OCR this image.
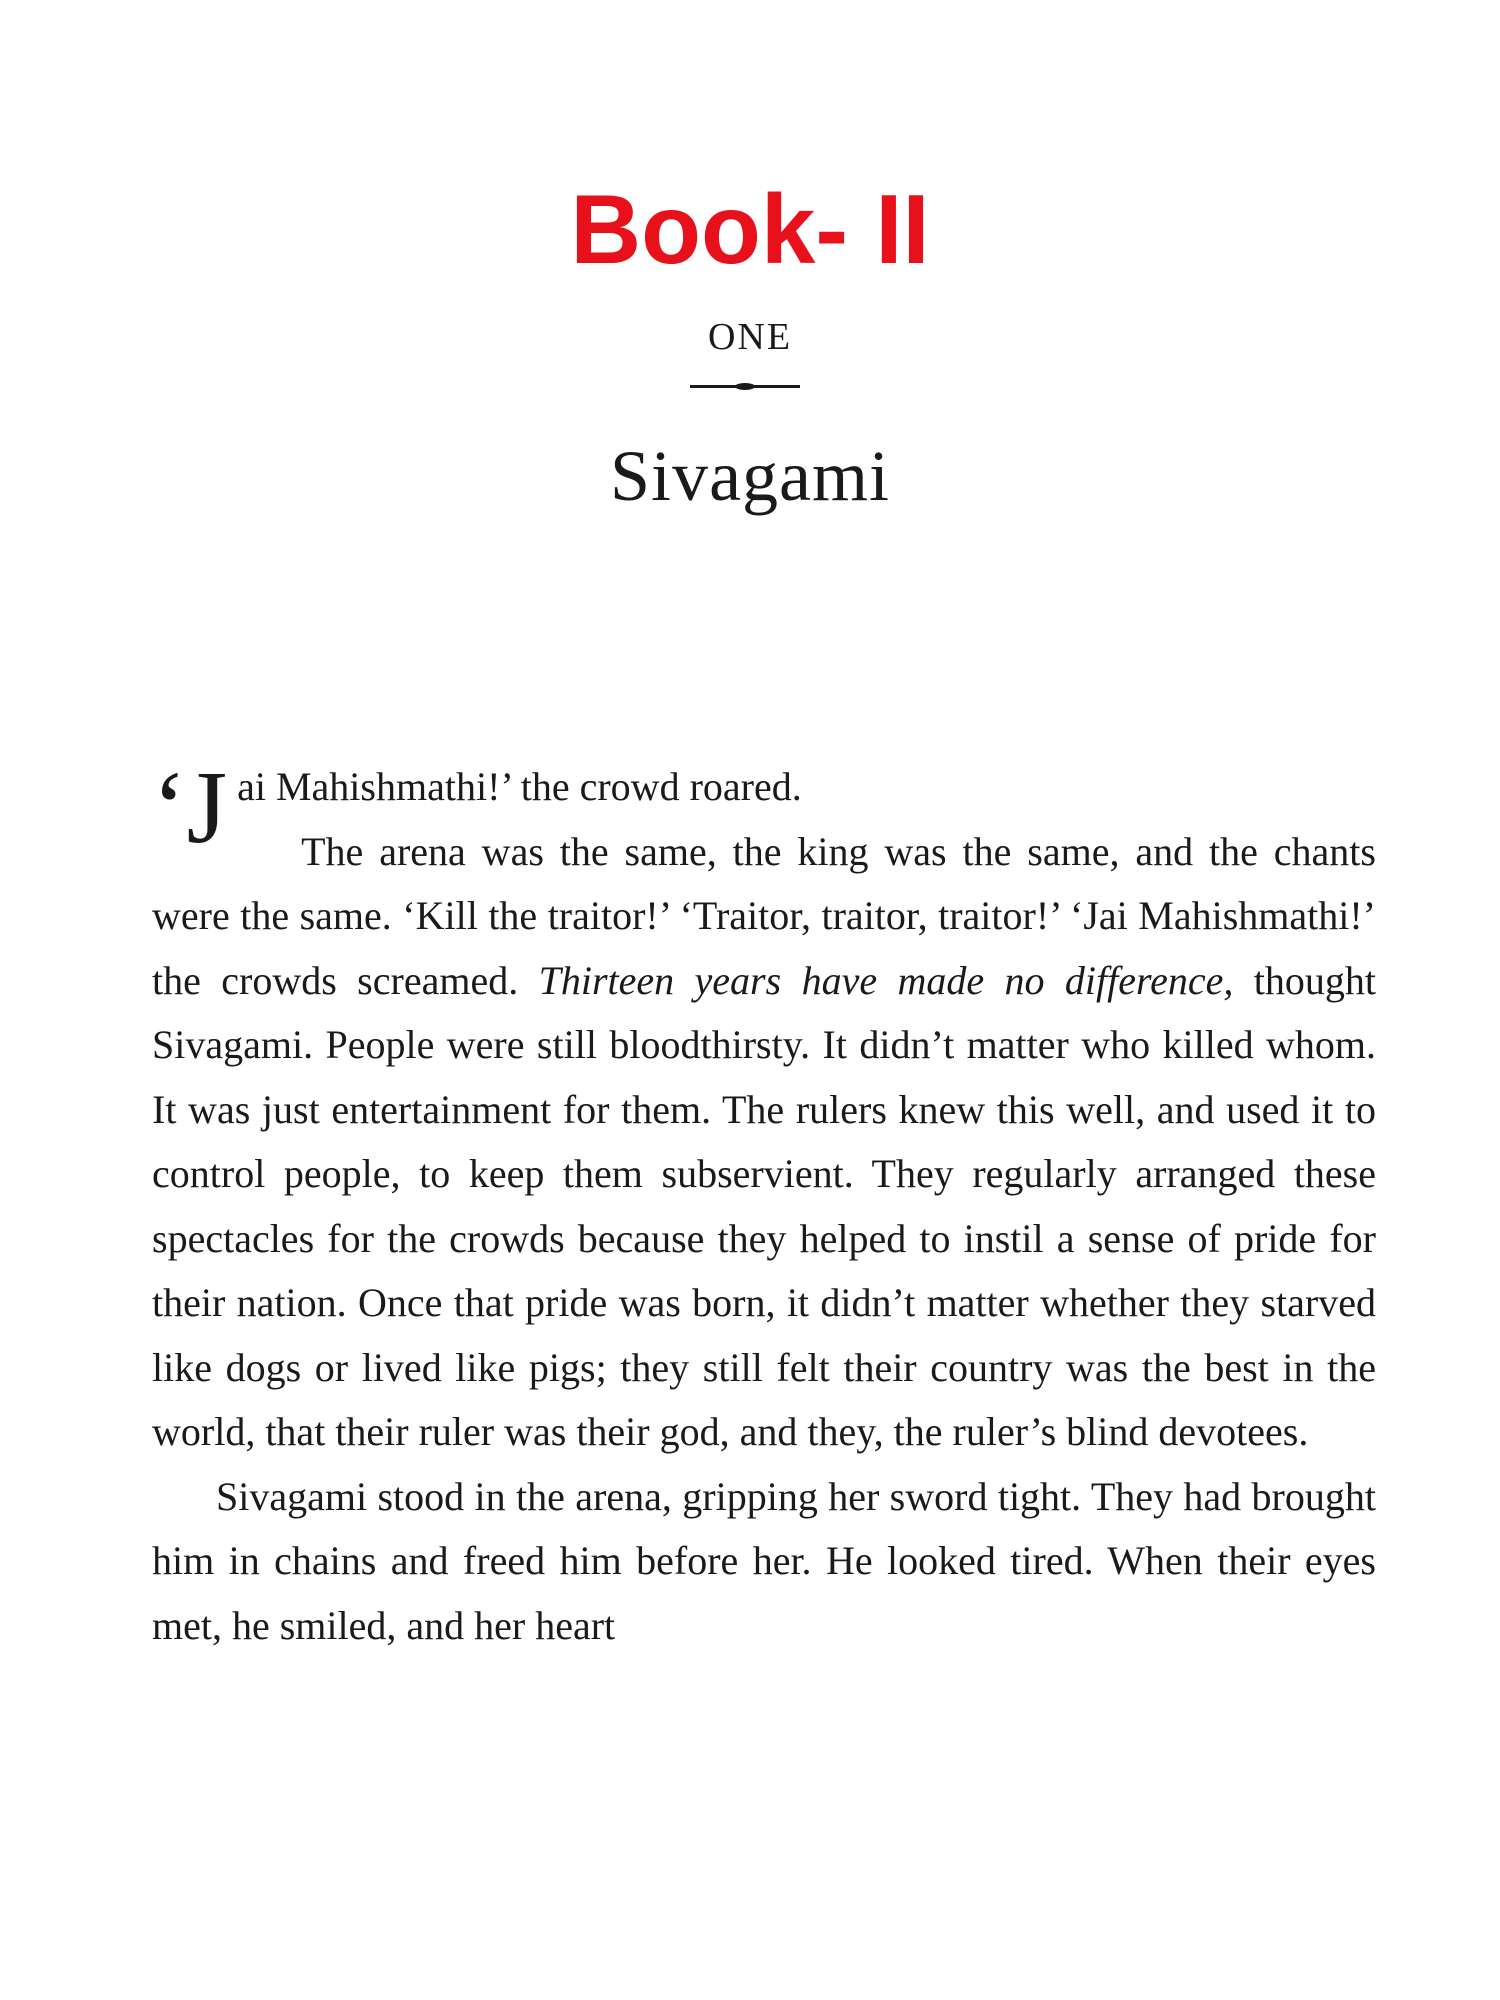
Book- II
ONE
Sivagami

‘J ai Mahishmathi!’ the crowd roared.

The arena was the same, the king was the same, and the chants were the same. ‘Kill the traitor!’ ‘Traitor, traitor, traitor!’ ‘Jai Mahishmathi!’ the crowds screamed. Thirteen years have made no difference, thought Sivagami. People were still bloodthirsty. It didn’t matter who killed whom. It was just entertainment for them. The rulers knew this well, and used it to control people, to keep them subservient. They regularly arranged these spectacles for the crowds because they helped to instil a sense of pride for their nation. Once that pride was born, it didn’t matter whether they starved like dogs or lived like pigs; they still felt their country was the best in the world, that their ruler was their god, and they, the ruler’s blind devotees.

Sivagami stood in the arena, gripping her sword tight. They had brought him in chains and freed him before her. He looked tired. When their eyes met, he smiled, and her heart
